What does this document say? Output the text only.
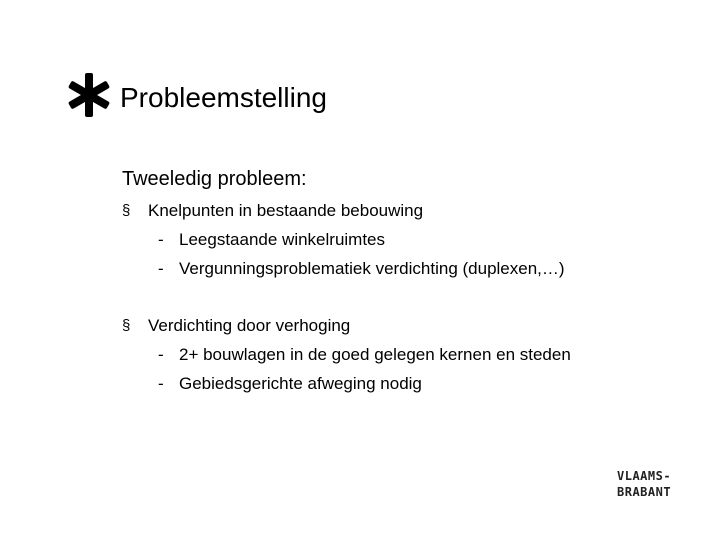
Probleemstelling
Tweeledig probleem:
§ Knelpunten in bestaande bebouwing
- Leegstaande winkelruimtes
- Vergunningsproblematiek verdichting (duplexen,…)
§ Verdichting door verhoging
- 2+ bouwlagen in de goed gelegen kernen en steden
- Gebiedsgerichte afweging nodig
VLAAMS-
BRABANT
